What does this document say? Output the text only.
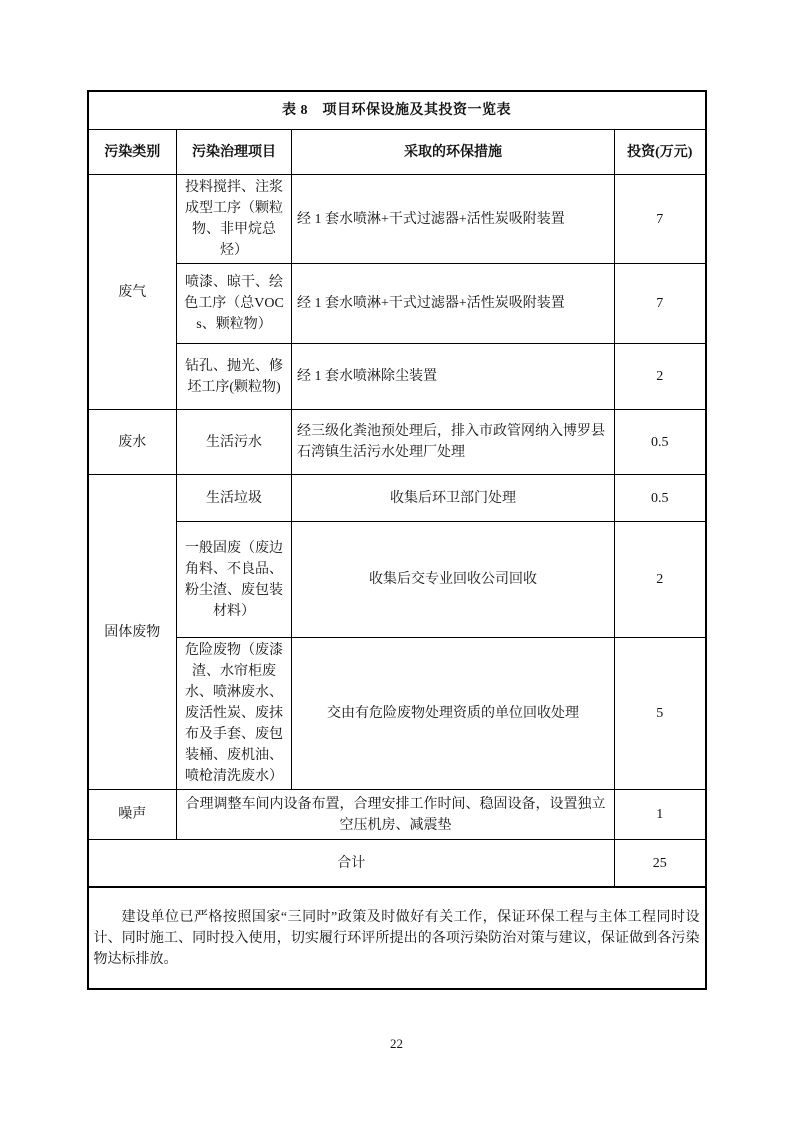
表 8　项目环保设施及其投资一览表			
污染类别	污染治理项目	采取的环保措施	投资(万元)
废气	投料搅拌、注浆成型工序（颗粒物、非甲烷总烃）	经 1 套水喷淋+干式过滤器+活性炭吸附装置	7
	喷漆、晾干、绘色工序（总VOCs、颗粒物）	经 1 套水喷淋+干式过滤器+活性炭吸附装置	7
	钻孔、抛光、修坯工序(颗粒物)	经 1 套水喷淋除尘装置	2
废水	生活污水	经三级化粪池预处理后，排入市政管网纳入博罗县石湾镇生活污水处理厂处理	0.5
固体废物	生活垃圾	收集后环卫部门处理	0.5
	一般固废（废边角料、不良品、粉尘渣、废包装材料）	收集后交专业回收公司回收	2
	危险废物（废漆渣、水帘柜废水、喷淋废水、废活性炭、废抹布及手套、废包装桶、废机油、喷枪清洗废水）	交由有危险废物处理资质的单位回收处理	5
噪声	合理调整车间内设备布置，合理安排工作时间、稳固设备，设置独立空压机房、减震垫		1
合计			25
建设单位已严格按照国家“三同时”政策及时做好有关工作，保证环保工程与主体工程同时设计、同时施工、同时投入使用，切实履行环评所提出的各项污染防治对策与建议，保证做到各污染物达标排放。			
22
